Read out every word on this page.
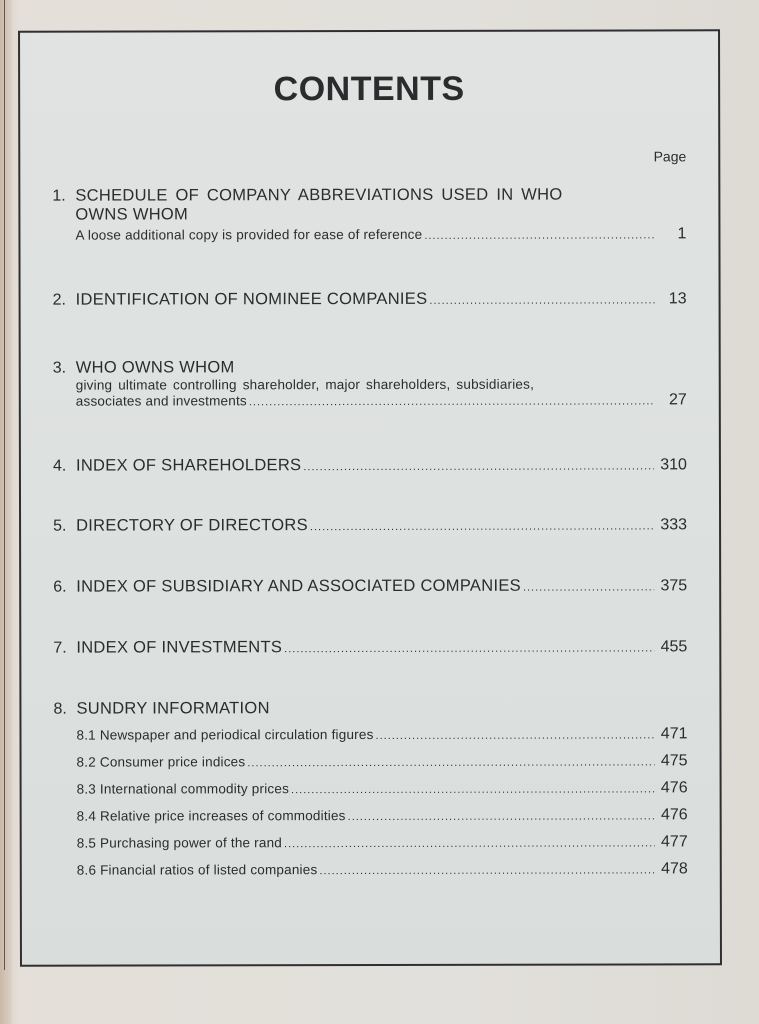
CONTENTS
Page
1. SCHEDULE OF COMPANY ABBREVIATIONS USED IN WHO
OWNS WHOM
A loose additional copy is provided for ease of reference .....	1
2. IDENTIFICATION OF NOMINEE COMPANIES .....	13
3. WHO OWNS WHOM
giving ultimate controlling shareholder, major shareholders, subsidiaries,
associates and investments .....	27
4. INDEX OF SHAREHOLDERS .....	310
5. DIRECTORY OF DIRECTORS .....	333
6. INDEX OF SUBSIDIARY AND ASSOCIATED COMPANIES .....	375
7. INDEX OF INVESTMENTS .....	455
8. SUNDRY INFORMATION
8.1 Newspaper and periodical circulation figures .....	471
8.2 Consumer price indices .....	475
8.3 International commodity prices .....	476
8.4 Relative price increases of commodities .....	476
8.5 Purchasing power of the rand .....	477
8.6 Financial ratios of listed companies .....	478
